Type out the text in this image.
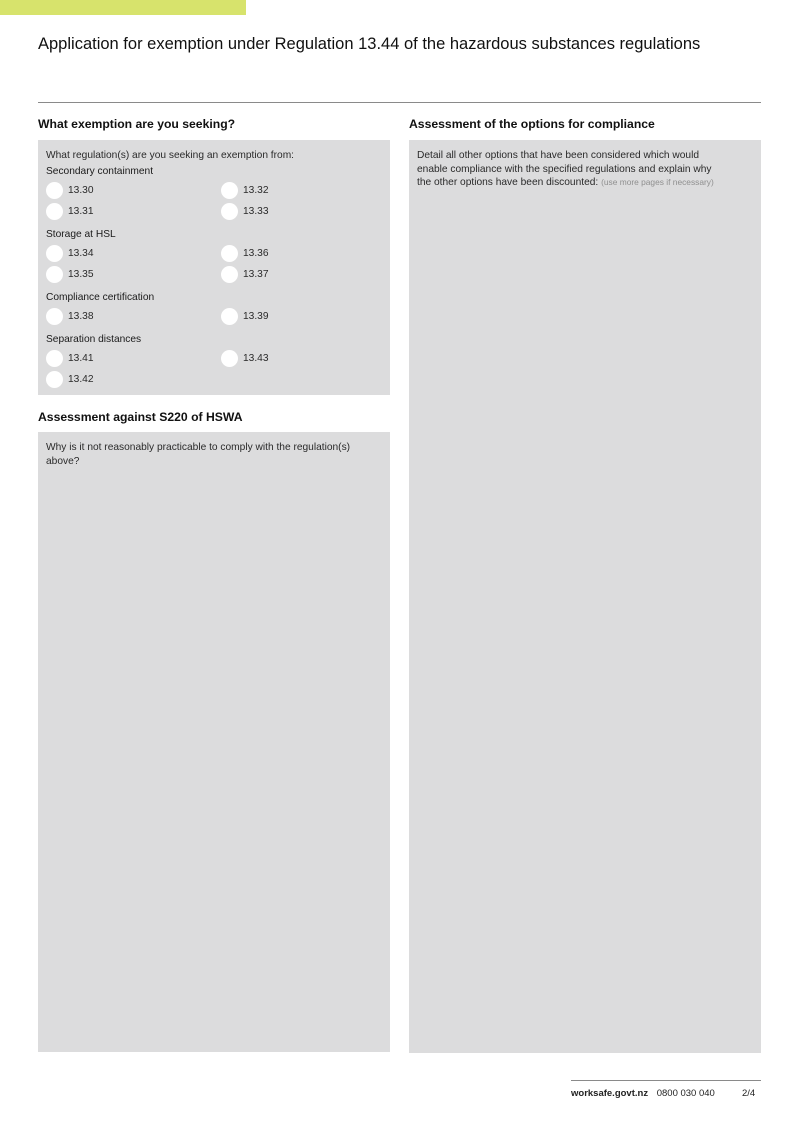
Application for exemption under Regulation 13.44 of the hazardous substances regulations
What exemption are you seeking?
What regulation(s) are you seeking an exemption from:
Secondary containment
13.30	13.32
13.31	13.33
Storage at HSL
13.34	13.36
13.35	13.37
Compliance certification
13.38	13.39
Separation distances
13.41	13.43
13.42
Assessment against S220 of HSWA
Why is it not reasonably practicable to comply with the regulation(s)
above?
Assessment of the options for compliance
Detail all other options that have been considered which would
enable compliance with the specified regulations and explain why
the other options have been discounted: (use more pages if necessary)
worksafe.govt.nz 0800 030 040	2/4
